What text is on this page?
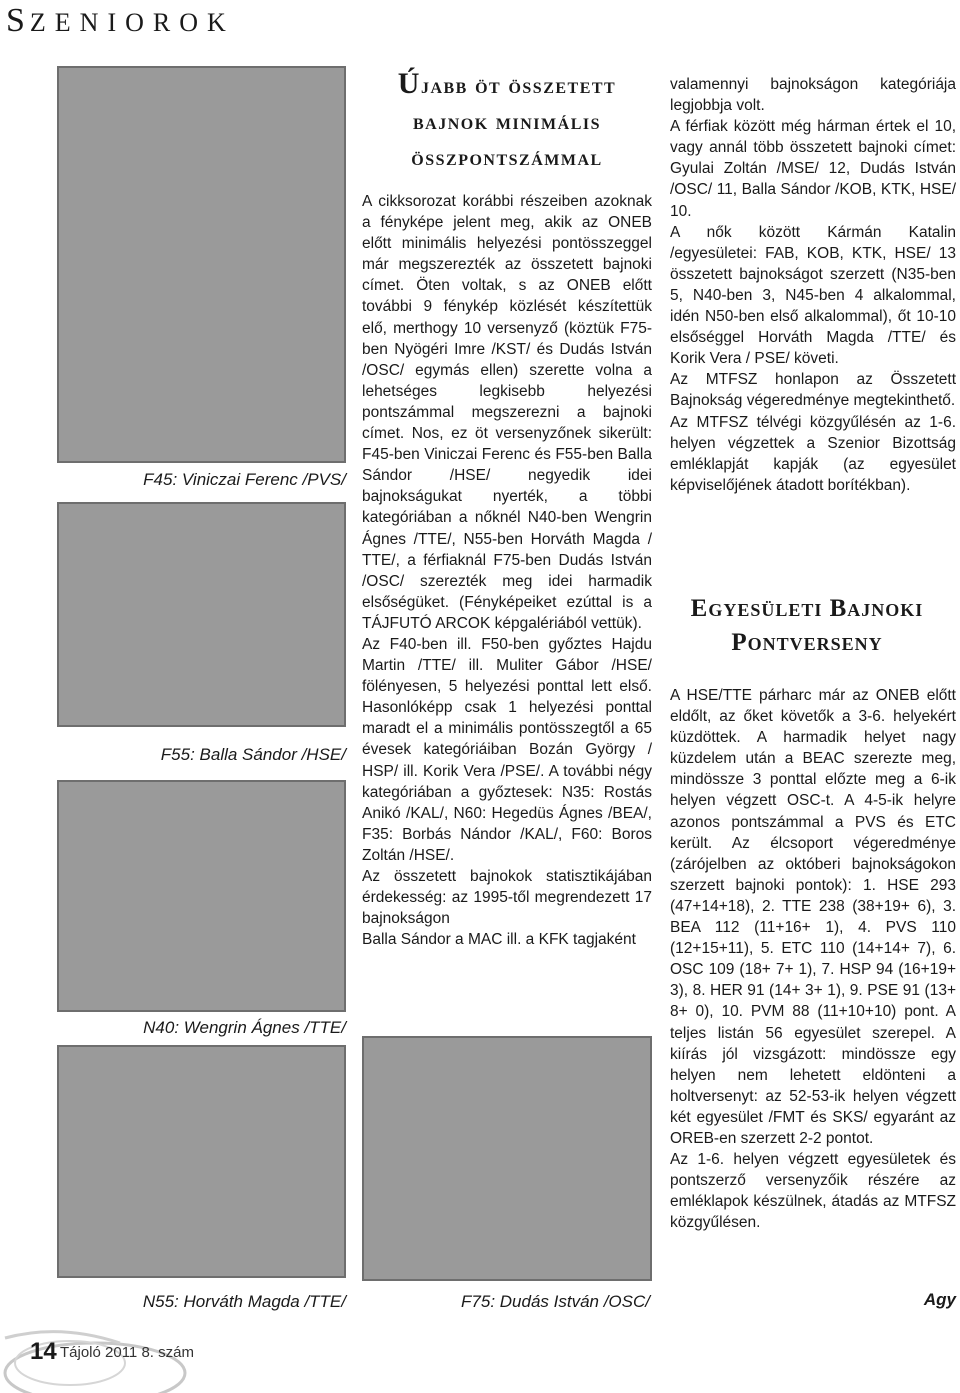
SZENIOROK
F45: Viniczai Ferenc /PVS/
F55: Balla Sándor /HSE/
N40: Wengrin Ágnes /TTE/
N55: Horváth Magda /TTE/	F75: Dudás István /OSC/
Újabb öt összetett bajnok minimális összpontszámmal

A cikksorozat korábbi részeiben azoknak a fényképe jelent meg, akik az ONEB előtt minimális helyezési pontösszeggel már megszerezték az összetett bajnoki címet. Öten voltak, s az ONEB előtt további 9 fénykép közlését készítettük elő, merthogy 10 versenyző (köztük F75-ben Nyögéri Imre /KST/ és Dudás István /OSC/ egymás ellen) szerette volna a lehetséges legkisebb helyezési pontszámmal megszerezni a bajnoki címet. Nos, ez öt versenyzőnek sikerült: F45-ben Viniczai Ferenc és F55-ben Balla Sándor /HSE/ negyedik idei bajnokságukat nyerték, a többi kategóriában a nőknél N40-ben Wengrin Ágnes /TTE/, N55-ben Horváth Magda / TTE/, a férfiaknál F75-ben Dudás István /OSC/ szerezték meg idei harmadik elsőségüket. (Fényképeiket ezúttal is a TÁJFUTÓ ARCOK képgalériából vettük).

Az F40-ben ill. F50-ben győztes Hajdu Martin /TTE/ ill. Muliter Gábor /HSE/ fölényesen, 5 helyezési ponttal lett első. Hasonlóképp csak 1 helyezési ponttal maradt el a minimális pontösszegtől a 65 évesek kategóriáiban Bozán György / HSP/ ill. Korik Vera /PSE/. A további négy kategóriában a győztesek: N35: Rostás Anikó /KAL/, N60: Hegedüs Ágnes /BEA/, F35: Borbás Nándor /KAL/, F60: Boros Zoltán /HSE/.

Az összetett bajnokok statisztikájában érdekesség: az 1995-től megrendezett 17 bajnokságon

Balla Sándor a MAC ill. a KFK tagjaként

valamennyi bajnokságon kategóriája legjobbja volt.

A férfiak között még hárman értek el 10, vagy annál több összetett bajnoki címet: Gyulai Zoltán /MSE/ 12, Dudás István /OSC/ 11, Balla Sándor /KOB, KTK, HSE/ 10.

A nők között Kármán Katalin /egyesületei: FAB, KOB, KTK, HSE/ 13 összetett bajnokságot szerzett (N35-ben 5, N40-ben 3, N45-ben 4 alkalommal, idén N50-ben első alkalommal), őt 10-10 elsőséggel Horváth Magda /TTE/ és Korik Vera / PSE/ követi.

Az MTFSZ honlapon az Összetett Bajnokság végeredménye megtekinthető.

Az MTFSZ télvégi közgyűlésén az 1-6. helyen végzettek a Szenior Bizottság emléklapját kapják (az egyesület képviselőjének átadott borítékban).

Egyesületi Bajnoki Pontverseny

A HSE/TTE párharc már az ONEB előtt eldőlt, az őket követők a 3-6. helyekért küzdöttek. A harmadik helyet nagy küzdelem után a BEAC szerezte meg, mindössze 3 ponttal előzte meg a 6-ik helyen végzett OSC-t. A 4-5-ik helyre azonos pontszámmal a PVS és ETC került. Az élcsoport végeredménye (zárójelben az októberi bajnokságokon szerzett bajnoki pontok): 1. HSE 293 (47+14+18), 2. TTE 238 (38+19+ 6), 3. BEA 112 (11+16+ 1), 4. PVS 110 (12+15+11), 5. ETC 110 (14+14+ 7), 6. OSC 109 (18+ 7+ 1), 7. HSP 94 (16+19+ 3), 8. HER 91 (14+ 3+ 1), 9. PSE 91 (13+ 8+ 0), 10. PVM 88 (11+10+10) pont. A teljes listán 56 egyesület szerepel. A kiírás jól vizsgázott: mindössze egy helyen nem lehetett eldönteni a holtversenyt: az 52-53-ik helyen végzett két egyesület /FMT és SKS/ egyaránt az OREB-en szerzett 2-2 pontot.

Az 1-6. helyen végzett egyesületek és pontszerző versenyzőik részére az emléklapok készülnek, átadás az MTFSZ közgyűlésen.

Agy
14 Tájoló 2011 8. szám
